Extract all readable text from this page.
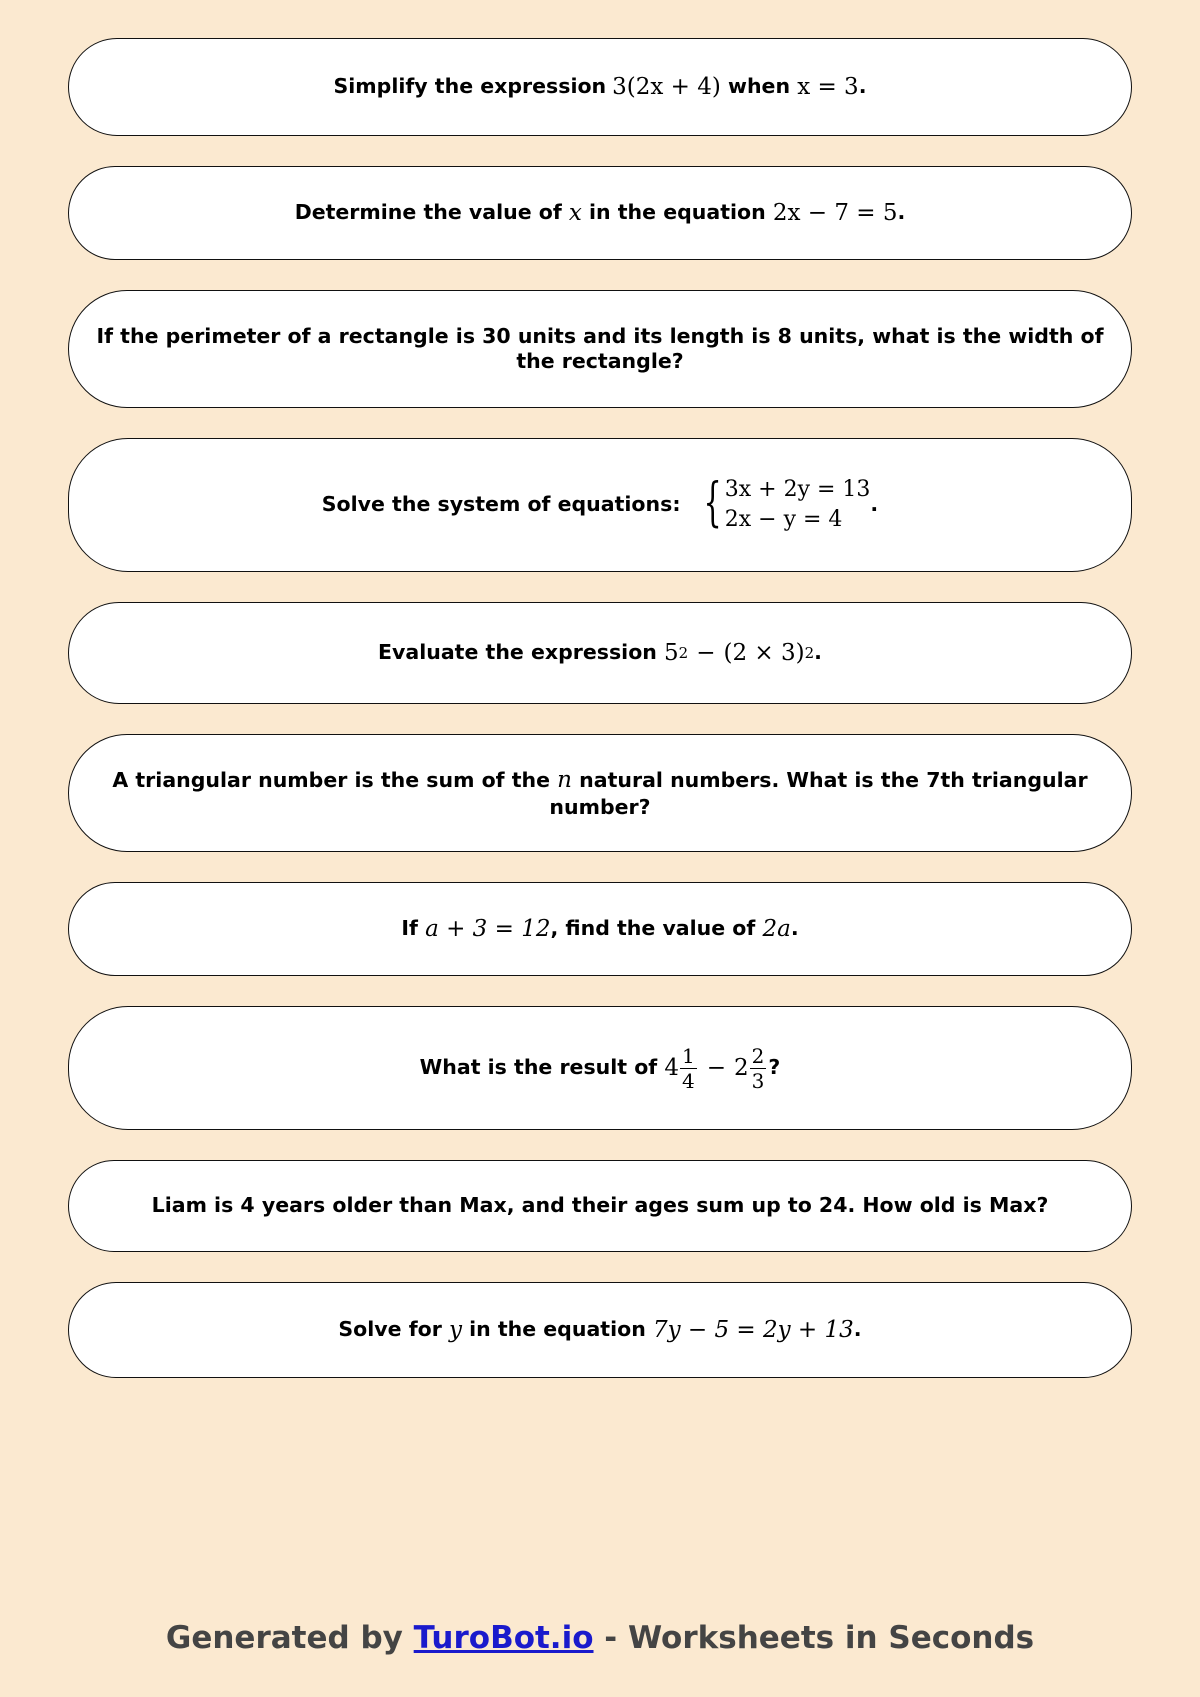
Simplify the expression 3(2x + 4) when x = 3 .
Determine the value of x in the equation 2x − 7 = 5 .
If the perimeter of a rectangle is 30 units and its length is 8 units, what is the width of the rectangle?
Solve the system of equations: { 3x + 2y = 13
2x − y = 4
.
Evaluate the expression 5 2 − (2 × 3) 2 .
A triangular number is the sum of the n natural numbers. What is the 7th triangular number?
If a + 3 = 12 , find the value of 2a .
What is the result of $4 \frac{1}{4} - 2 \frac{2}{3}$ ?
Liam is 4 years older than Max, and their ages sum up to 24. How old is Max?
Solve for y in the equation 7y − 5 = 2y + 13 .
Generated by TuroBot.io - Worksheets in Seconds
